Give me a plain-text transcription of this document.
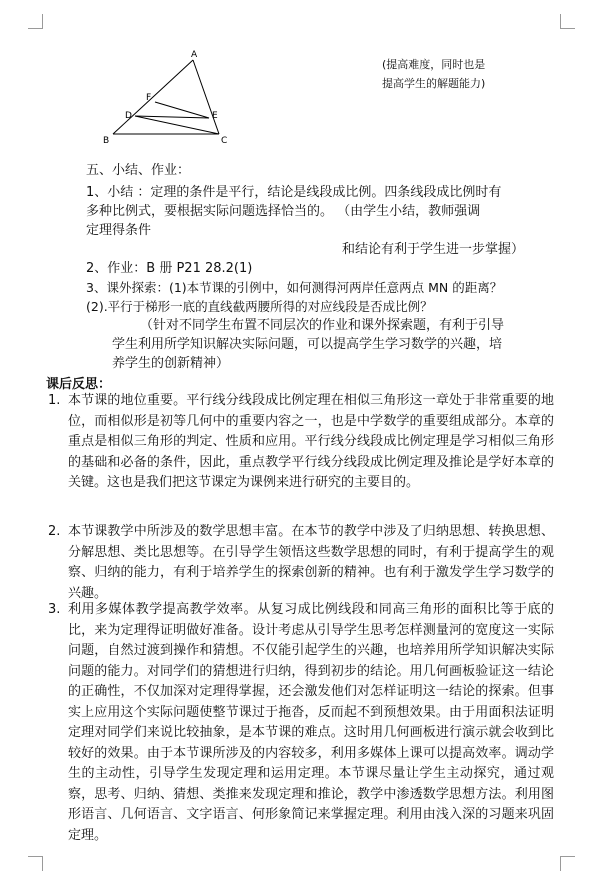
A
F
D	E
B	C
(提高难度，同时也是
提高学生的解题能力)
五、小结、作业：
1、小结 ：定理的条件是平行，结论是线段成比例。四条线段成比例时有
多种比例式，要根据实际问题选择恰当的。 （由学生小结，教师强调
定理得条件
和结论有利于学生进一步掌握）
2、作业：B 册 P21 28.2(1)
3、课外探索：(1)本节课的引例中，如何测得河两岸任意两点 MN 的距离？
(2).平行于梯形一底的直线截两腰所得的对应线段是否成比例？
（针对不同学生布置不同层次的作业和课外探索题，有利于引导
学生利用所学知识解决实际问题，可以提高学生学习数学的兴趣，培
养学生的创新精神）
课后反思：
1. 本节课的地位重要。平行线分线段成比例定理在相似三角形这一章处于非常重要的地位，而相似形是初等几何中的重要内容之一，也是中学数学的重要组成部分。本章的重点是相似三角形的判定、性质和应用。平行线分线段成比例定理是学习相似三角形的基础和必备的条件，因此，重点教学平行线分线段成比例定理及推论是学好本章的关键。这也是我们把这节课定为课例来进行研究的主要目的。
2. 本节课教学中所涉及的数学思想丰富。在本节的教学中涉及了归纳思想、转换思想、分解思想、类比思想等。在引导学生领悟这些数学思想的同时，有利于提高学生的观察、归纳的能力，有利于培养学生的探索创新的精神。也有利于激发学生学习数学的兴趣。
3. 利用多媒体教学提高教学效率。从复习成比例线段和同高三角形的面积比等于底的比，来为定理得证明做好准备。设计考虑从引导学生思考怎样测量河的宽度这一实际问题，自然过渡到操作和猜想。不仅能引起学生的兴趣，也培养用所学知识解决实际问题的能力。对同学们的猜想进行归纳，得到初步的结论。用几何画板验证这一结论的正确性，不仅加深对定理得掌握，还会激发他们对怎样证明这一结论的探索。但事实上应用这个实际问题使整节课过于拖沓，反而起不到预想效果。由于用面积法证明定理对同学们来说比较抽象，是本节课的难点。这时用几何画板进行演示就会收到比较好的效果。由于本节课所涉及的内容较多，利用多媒体上课可以提高效率。调动学生的主动性，引导学生发现定理和运用定理。本节课尽量让学生主动探究，通过观察，思考、归纳、猜想、类推来发现定理和推论，教学中渗透数学思想方法。利用图形语言、几何语言、文字语言、何形象简记来掌握定理。利用由浅入深的习题来巩固定理。
